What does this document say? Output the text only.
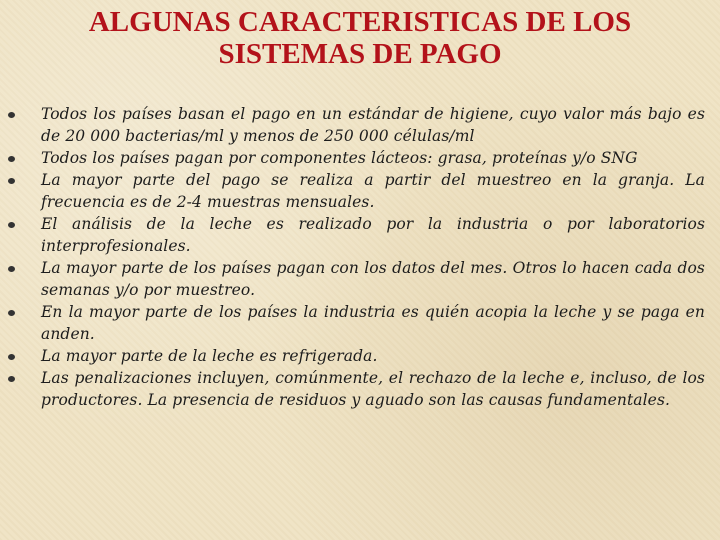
ALGUNAS CARACTERISTICAS DE LOS
SISTEMAS DE PAGO
Todos los países basan el pago en un estándar de higiene, cuyo valor más bajo es de 20 000 bacterias/ml y menos de 250 000 células/ml
Todos los países pagan por componentes lácteos: grasa, proteínas y/o SNG
La mayor parte del pago se realiza a partir del muestreo en la granja. La frecuencia es de 2-4 muestras mensuales.
El análisis de la leche es realizado por la industria o por laboratorios interprofesionales.
La mayor parte de los países pagan con los datos del mes. Otros lo hacen cada dos semanas y/o por muestreo.
En la mayor parte de los países la industria es quién acopia la leche y se paga en anden.
La mayor parte de la leche es refrigerada.
Las penalizaciones incluyen, comúnmente, el rechazo de la leche e, incluso, de los productores. La presencia de residuos y aguado son las causas fundamentales.
